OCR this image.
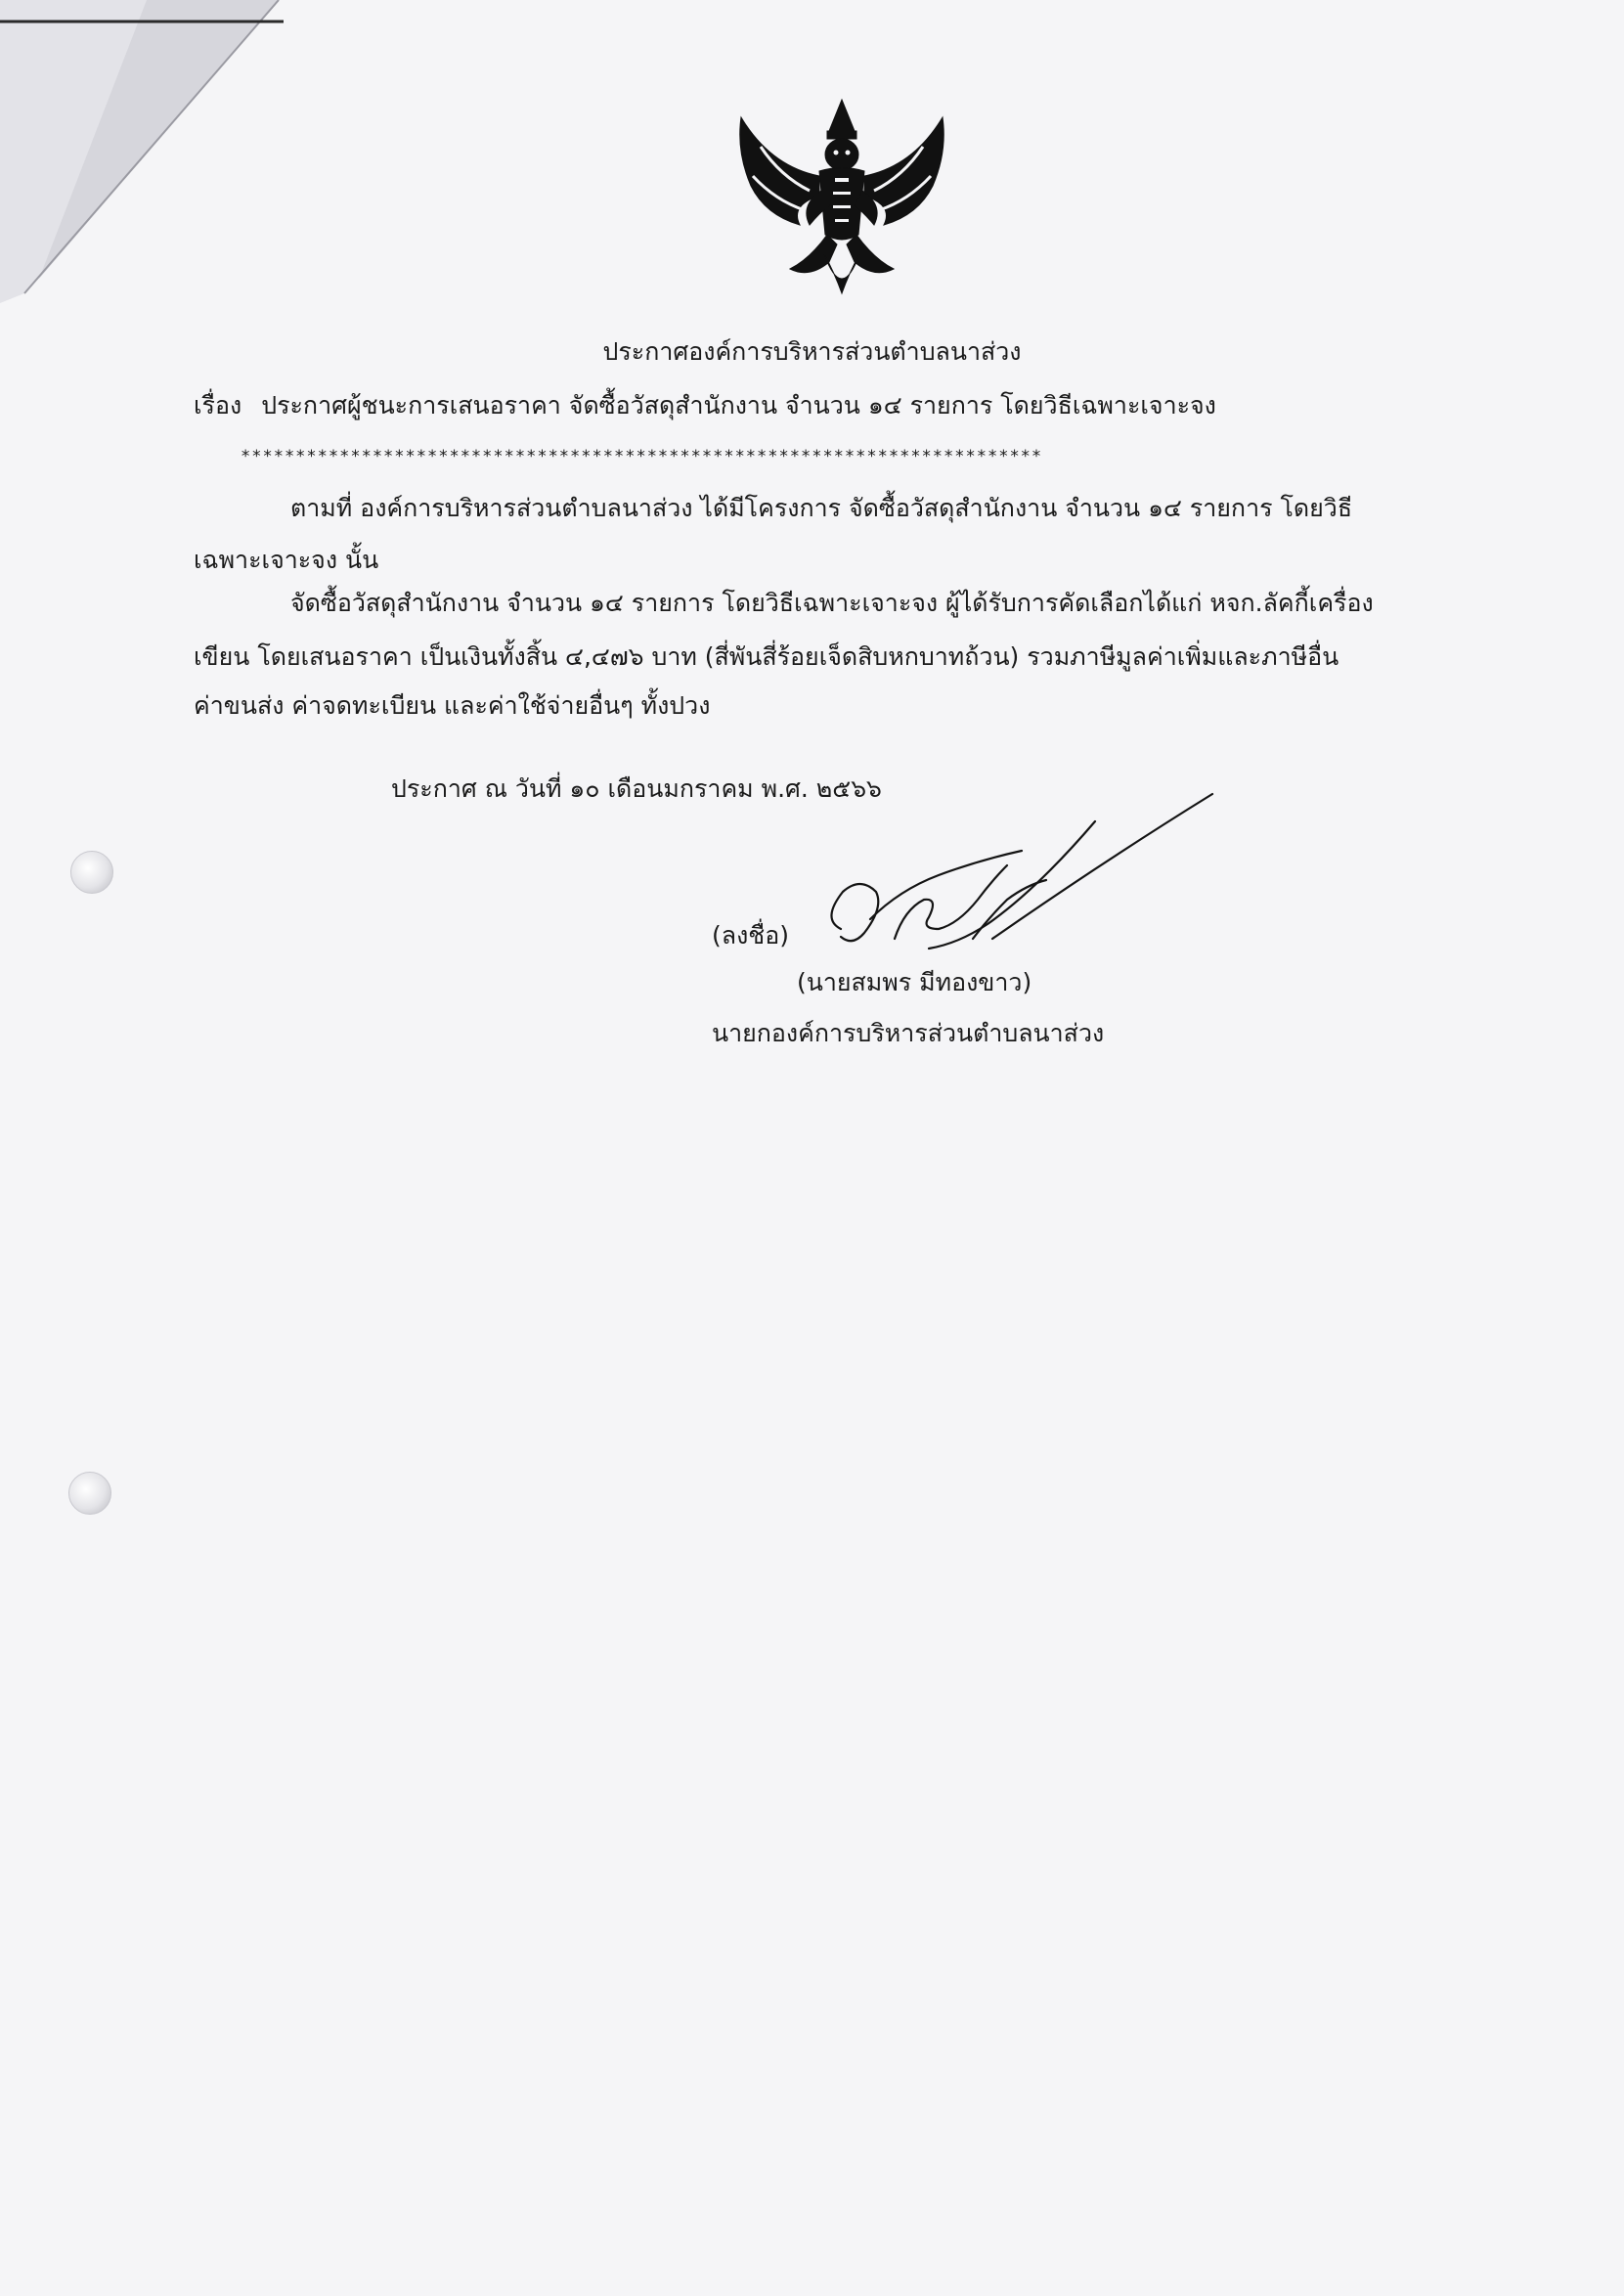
ประกาศองค์การบริหารส่วนตำบลนาส่วง
เรื่อง ประกาศผู้ชนะการเสนอราคา จัดซื้อวัสดุสำนักงาน จำนวน ๑๔ รายการ โดยวิธีเฉพาะเจาะจง
*************************************************************************
ตามที่ องค์การบริหารส่วนตำบลนาส่วง ได้มีโครงการ จัดซื้อวัสดุสำนักงาน จำนวน ๑๔ รายการ โดยวิธี
เฉพาะเจาะจง นั้น
จัดซื้อวัสดุสำนักงาน จำนวน ๑๔ รายการ โดยวิธีเฉพาะเจาะจง ผู้ได้รับการคัดเลือกได้แก่ หจก.ลัคกี้เครื่อง
เขียน โดยเสนอราคา เป็นเงินทั้งสิ้น ๔,๔๗๖ บาท (สี่พันสี่ร้อยเจ็ดสิบหกบาทถ้วน) รวมภาษีมูลค่าเพิ่มและภาษีอื่น
ค่าขนส่ง ค่าจดทะเบียน และค่าใช้จ่ายอื่นๆ ทั้งปวง
ประกาศ ณ วันที่ ๑๐ เดือนมกราคม พ.ศ. ๒๕๖๖
(ลงชื่อ)
(นายสมพร มีทองขาว)
นายกองค์การบริหารส่วนตำบลนาส่วง
